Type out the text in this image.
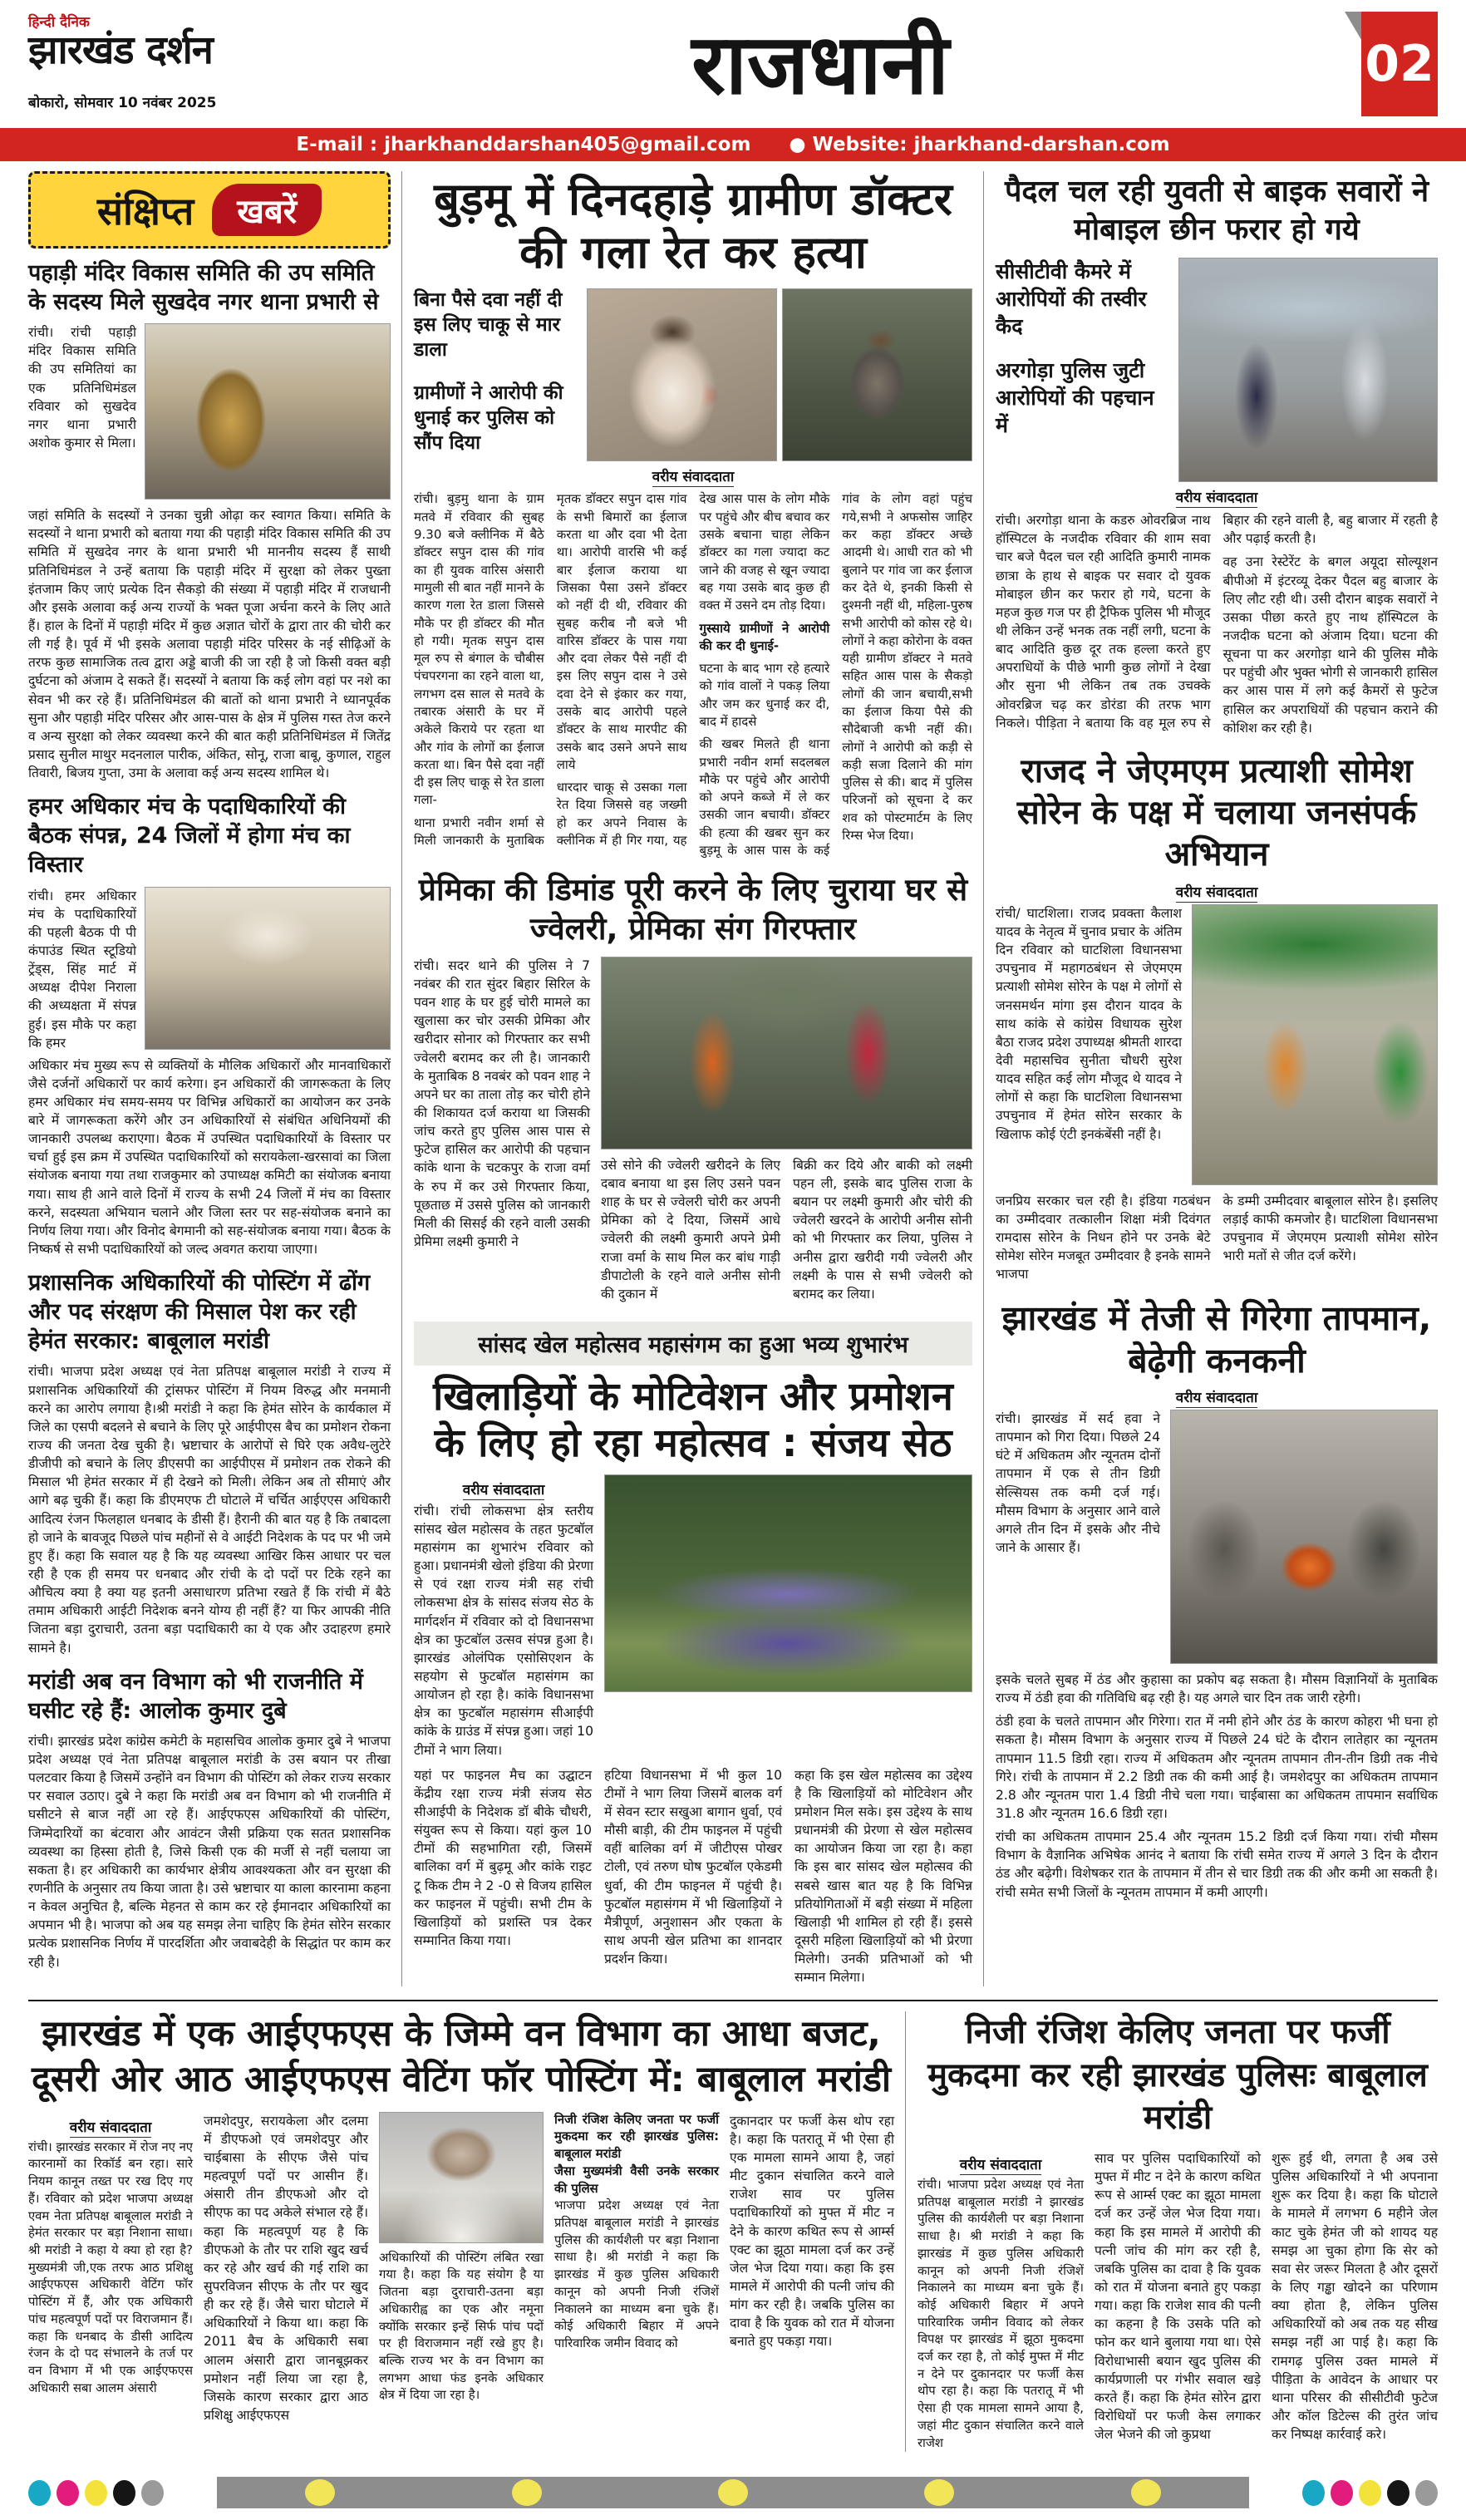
हिन्दी दैनिक
झारखंड दर्शन
बोकारो, सोमवार 10 नवंबर 2025	राजधानी	02
E-mail : jharkhanddarshan405@gmail.com ● Website: jharkhand-darshan.com
संक्षिप्त	खबरें
पहाड़ी मंदिर विकास समिति की उप समिति के सदस्य मिले सुखदेव नगर थाना प्रभारी से
रांची। रांची पहाड़ी मंदिर विकास समिति की उप समितियां का एक प्रतिनिधिमंडल रविवार को सुखदेव नगर थाना प्रभारी अशोक कुमार से मिला।
जहां समिति के सदस्यों ने उनका चुन्नी ओढ़ा कर स्वागत किया। समिति के सदस्यों ने थाना प्रभारी को बताया गया की पहाड़ी मंदिर विकास समिति की उप समिति में सुखदेव नगर के थाना प्रभारी भी माननीय सदस्य हैं साथी प्रतिनिधिमंडल ने उन्हें बताया कि पहाड़ी मंदिर में सुरक्षा को लेकर पुख्ता इंतजाम किए जाएं प्रत्येक दिन सैकड़ो की संख्या में पहाड़ी मंदिर में राजधानी और इसके अलावा कई अन्य राज्यों के भक्त पूजा अर्चना करने के लिए आते हैं। हाल के दिनों में पहाड़ी मंदिर में कुछ अज्ञात चोरों के द्वारा तार की चोरी कर ली गई है। पूर्व में भी इसके अलावा पहाड़ी मंदिर परिसर के नई सीढ़िओं के तरफ कुछ सामाजिक तत्व द्वारा अड्डे बाजी की जा रही है जो किसी वक्त बड़ी दुर्घटना को अंजाम दे सकते हैं। सदस्यों ने बताया कि कई लोग वहां पर नशे का सेवन भी कर रहे हैं। प्रतिनिधिमंडल की बातों को थाना प्रभारी ने ध्यानपूर्वक सुना और पहाड़ी मंदिर परिसर और आस-पास के क्षेत्र में पुलिस गस्त तेज करने व अन्य सुरक्षा को लेकर व्यवस्था करने की बात कही प्रतिनिधिमंडल में जितेंद्र प्रसाद सुनील माथुर मदनलाल पारीक, अंकित, सोनू, राजा बाबू, कुणाल, राहुल तिवारी, बिजय गुप्ता, उमा के अलावा कई अन्य सदस्य शामिल थे।
हमर अधिकार मंच के पदाधिकारियों की बैठक संपन्न, 24 जिलों में होगा मंच का विस्तार
रांची। हमर अधिकार मंच के पदाधिकारियों की पहली बैठक पी पी कंपाउंड स्थित स्टूडियो ट्रेंड्स, सिंह मार्ट में अध्यक्ष दीपेश निराला की अध्यक्षता में संपन्न हुई। इस मौके पर कहा कि हमर
अधिकार मंच मुख्य रूप से व्यक्तियों के मौलिक अधिकारों और मानवाधिकारों जैसे दर्जनों अधिकारों पर कार्य करेगा। इन अधिकारों की जागरूकता के लिए हमर अधिकार मंच समय-समय पर विभिन्न अधिकारों का आयोजन कर उनके बारे में जागरूकता करेंगे और उन अधिकारियों से संबंधित अधिनियमों की जानकारी उपलब्ध कराएगा। बैठक में उपस्थित पदाधिकारियों के विस्तार पर चर्चा हुई इस क्रम में उपस्थित पदाधिकारियों को सरायकेला-खरसावां का जिला संयोजक बनाया गया तथा राजकुमार को उपाध्यक्ष कमिटी का संयोजक बनाया गया। साथ ही आने वाले दिनों में राज्य के सभी 24 जिलों में मंच का विस्तार करने, सदस्यता अभियान चलाने और जिला स्तर पर सह-संयोजक बनाने का निर्णय लिया गया। और विनोद बेगमानी को सह-संयोजक बनाया गया। बैठक के निष्कर्ष से सभी पदाधिकारियों को जल्द अवगत कराया जाएगा।
प्रशासनिक अधिकारियों की पोस्टिंग में ढोंग और पद संरक्षण की मिसाल पेश कर रही हेमंत सरकार: बाबूलाल मरांडी
रांची। भाजपा प्रदेश अध्यक्ष एवं नेता प्रतिपक्ष बाबूलाल मरांडी ने राज्य में प्रशासनिक अधिकारियों की ट्रांसफर पोस्टिंग में नियम विरुद्ध और मनमानी करने का आरोप लगाया है।श्री मरांडी ने कहा कि हेमंत सोरेन के कार्यकाल में जिले का एसपी बदलने से बचाने के लिए पूरे आईपीएस बैच का प्रमोशन रोकना राज्य की जनता देख चुकी है। भ्रष्टाचार के आरोपों से घिरे एक अवैध-लुटेरे डीजीपी को बचाने के लिए डीएसपी का आईपीएस में प्रमोशन तक रोकने की मिसाल भी हेमंत सरकार में ही देखने को मिली। लेकिन अब तो सीमाएं और आगे बढ़ चुकी हैं। कहा कि डीएमएफ टी घोटाले में चर्चित आईएएस अधिकारी आदित्य रंजन फिलहाल धनबाद के डीसी हैं। हैरानी की बात यह है कि तबादला हो जाने के बावजूद पिछले पांच महीनों से वे आईटी निदेशक के पद पर भी जमे हुए हैं। कहा कि सवाल यह है कि यह व्यवस्था आखिर किस आधार पर चल रही है एक ही समय पर धनबाद और रांची के दो पदों पर टिके रहने का औचित्य क्या है क्या यह इतनी असाधारण प्रतिभा रखते हैं कि रांची में बैठे तमाम अधिकारी आईटी निदेशक बनने योग्य ही नहीं हैं? या फिर आपकी नीति जितना बड़ा दुराचारी, उतना बड़ा पदाधिकारी का ये एक और उदाहरण हमारे सामने है।
मरांडी अब वन विभाग को भी राजनीति में घसीट रहे हैं: आलोक कुमार दुबे
रांची। झारखंड प्रदेश कांग्रेस कमेटी के महासचिव आलोक कुमार दुबे ने भाजपा प्रदेश अध्यक्ष एवं नेता प्रतिपक्ष बाबूलाल मरांडी के उस बयान पर तीखा पलटवार किया है जिसमें उन्होंने वन विभाग की पोस्टिंग को लेकर राज्य सरकार पर सवाल उठाए। दुबे ने कहा कि मरांडी अब वन विभाग को भी राजनीति में घसीटने से बाज नहीं आ रहे हैं। आईएफएस अधिकारियों की पोस्टिंग, जिम्मेदारियों का बंटवारा और आवंटन जैसी प्रक्रिया एक सतत प्रशासनिक व्यवस्था का हिस्सा होती है, जिसे किसी एक की मर्जी से नहीं चलाया जा सकता है। हर अधिकारी का कार्यभार क्षेत्रीय आवश्यकता और वन सुरक्षा की रणनीति के अनुसार तय किया जाता है। उसे भ्रष्टाचार या काला कारनामा कहना न केवल अनुचित है, बल्कि मेहनत से काम कर रहे ईमानदार अधिकारियों का अपमान भी है। भाजपा को अब यह समझ लेना चाहिए कि हेमंत सोरेन सरकार प्रत्येक प्रशासनिक निर्णय में पारदर्शिता और जवाबदेही के सिद्धांत पर काम कर रही है।
बुड़मू में दिनदहाड़े ग्रामीण डॉक्टर की गला रेत कर हत्या
बिना पैसे दवा नहीं दी इस लिए चाकू से मार डाला
ग्रामीणों ने आरोपी की धुनाई कर पुलिस को सौंप दिया
वरीय संवाददाता

रांची। बुड़मु थाना के ग्राम मतवे में रविवार की सुबह 9.30 बजे क्लीनिक में बैठे डॉक्टर सपुन दास की गांव का ही युवक वारिस अंसारी मामुली सी बात नहीं मानने के कारण गला रेत डाला जिससे मौके पर ही डॉक्टर की मौत हो गयी। मृतक सपुन दास मूल रुप से बंगाल के चौबीस पंचपरगना का रहने वाला था, लगभग दस साल से मतवे के तबारक अंसारी के घर में अकेले किराये पर रहता था और गांव के लोगों का ईलाज करता था। बिन पैसे दवा नहीं दी इस लिए चाकू से रेत डाला गला-

थाना प्रभारी नवीन शर्मा से मिली जानकारी के मुताबिक मृतक डॉक्टर सपुन दास गांव के सभी बिमारों का ईलाज करता था और दवा भी देता था। आरोपी वारसि भी कई बार ईलाज कराया था जिसका पैसा उसने डॉक्टर को नहीं दी थी, रविवार की सुबह करीब नौ बजे भी वारिस डॉक्टर के पास गया और दवा लेकर पैसे नहीं दी इस लिए सपुन दास ने उसे दवा देने से इंकार कर गया, उसके बाद आरोपी पहले डॉक्टर के साथ मारपीट की उसके बाद उसने अपने साथ लाये

धारदार चाकू से उसका गला रेत दिया जिससे वह जख्मी हो कर अपने निवास के क्लीनिक में ही गिर गया, यह देख आस पास के लोग मौके पर पहुंचे और बीच बचाव कर उसके बचाना चाहा लेकिन डॉक्टर का गला ज्यादा कट जाने की वजह से खून ज्यादा बह गया उसके बाद कुछ ही वक्त में उसने दम तोड़ दिया।

गुस्साये ग्रामीणों ने आरोपी की कर दी धुनाई-

घटना के बाद भाग रहे हत्यारे को गांव वालों ने पकड़ लिया और जम कर धुनाई कर दी, बाद में हादसे

की खबर मिलते ही थाना प्रभारी नवीन शर्मा सदलबल मौके पर पहुंचे और आरोपी को अपने कब्जे में ले कर उसकी जान बचायी। डॉक्टर की हत्या की खबर सुन कर बुड़मू के आस पास के कई गांव के लोग वहां पहुंच गये,सभी ने अफसोस जाहिर कर कहा डॉक्टर अच्छे आदमी थे। आधी रात को भी बुलाने पर गांव जा कर ईलाज कर देते थे, इनकी किसी से दुश्मनी नहीं थी, महिला-पुरुष सभी आरोपी को कोस रहे थे। लोगों ने कहा कोरोना के वक्त यही ग्रामीण डॉक्टर ने मतवे सहित आस पास के सैकड़ो लोगों की जान बचायी,सभी का ईलाज किया पैसे की सौदेबाजी कभी नहीं की। लोगों ने आरोपी को कड़ी से कड़ी सजा दिलाने की मांग पुलिस से की। बाद में पुलिस परिजनों को सूचना दे कर शव को पोस्टमार्टम के लिए रिम्स भेज दिया।

प्रेमिका की डिमांड पूरी करने के लिए चुराया घर से ज्वेलरी, प्रेमिका संग गिरफ्तार
रांची। सदर थाने की पुलिस ने 7 नवंबर की रात सुंदर बिहार सिरिल के पवन शाह के घर हुई चोरी मामले का खुलासा कर चोर उसकी प्रेमिका और खरीदार सोनार को गिरफ्तार कर सभी ज्वेलरी बरामद कर ली है। जानकारी के मुताबिक 8 नवबंर को पवन शाह ने अपने घर का ताला तोड़ कर चोरी होने की शिकायत दर्ज कराया था जिसकी जांच करते हुए पुलिस आस पास से फुटेज हासिल कर आरोपी की पहचान कांके थाना के चटकपुर के राजा वर्मा के रुप में कर उसे गिरफ्तार किया, पूछताछ में उससे पुलिस को जानकारी मिली की सिसई की रहने वाली उसकी प्रेमिमा लक्ष्मी कुमारी ने

उसे सोने की ज्वेलरी खरीदने के लिए दबाव बनाया था इस लिए उसने पवन शाह के घर से ज्वेलरी चोरी कर अपनी प्रेमिका को दे दिया, जिसमें आधे ज्वेलरी की लक्ष्मी कुमारी अपने प्रेमी राजा वर्मा के साथ मिल कर बांध गाड़ी डीपाटोली के रहने वाले अनीस सोनी की दुकान में

बिक्री कर दिये और बाकी को लक्ष्मी पहन ली, इसके बाद पुलिस राजा के बयान पर लक्ष्मी कुमारी और चोरी की ज्वेलरी खरदने के आरोपी अनीस सोनी को भी गिरफ्तार कर लिया, पुलिस ने अनीस द्वारा खरीदी गयी ज्वेलरी और लक्ष्मी के पास से सभी ज्वेलरी को बरामद कर लिया।

सांसद खेल महोत्सव महासंगम का हुआ भव्य शुभारंभ
खिलाड़ियों के मोटिवेशन और प्रमोशन के लिए हो रहा महोत्सव : संजय सेठ
वरीय संवाददाता
रांची। रांची लोकसभा क्षेत्र स्तरीय सांसद खेल महोत्सव के तहत फुटबॉल महासंगम का शुभारंभ रविवार को हुआ। प्रधानमंत्री खेलो इंडिया की प्रेरणा से एवं रक्षा राज्य मंत्री सह रांची लोकसभा क्षेत्र के सांसद संजय सेठ के मार्गदर्शन में रविवार को दो विधानसभा क्षेत्र का फुटबॉल उत्सव संपन्न हुआ है। झारखंड ओलंपिक एसोसिएशन के सहयोग से फुटबॉल महासंगम का आयोजन हो रहा है। कांके विधानसभा क्षेत्र का फुटबॉल महासंगम सीआईपी कांके के ग्राउंड में संपन्न हुआ। जहां 10 टीमों ने भाग लिया।

यहां पर फाइनल मैच का उद्घाटन केंद्रीय रक्षा राज्य मंत्री संजय सेठ सीआईपी के निदेशक डॉ बीके चौधरी, संयुक्त रूप से किया। यहां कुल 10 टीमों की सहभागिता रही, जिसमें बालिका वर्ग में बुढ़मू और कांके राइट टू किक टीम ने 2 -0 से विजय हासिल कर फाइनल में पहुंची। सभी टीम के खिलाड़ियों को प्रशस्ति पत्र देकर सम्मानित किया गया।

हटिया विधानसभा में भी कुल 10 टीमों ने भाग लिया जिसमें बालक वर्ग में सेवन स्टार सखुआ बागान धुर्वा, एवं मौसी बाड़ी, की टीम फाइनल में पहुंची वहीं बालिका वर्ग में जीटीएस पोखर टोली, एवं तरुण घोष फुटबॉल एकेडमी धुर्वा, की टीम फाइनल में पहुंची है। फुटबॉल महासंगम में भी खिलाड़ियों ने मैत्रीपूर्ण, अनुशासन और एकता के साथ अपनी खेल प्रतिभा का शानदार प्रदर्शन किया।

कहा कि इस खेल महोत्सव का उद्देश्य है कि खिलाड़ियों को मोटिवेशन और प्रमोशन मिल सके। इस उद्देश्य के साथ प्रधानमंत्री की प्रेरणा से खेल महोत्सव का आयोजन किया जा रहा है। कहा कि इस बार सांसद खेल महोत्सव की सबसे खास बात यह है कि विभिन्न प्रतियोगिताओं में बड़ी संख्या में महिला खिलाड़ी भी शामिल हो रही हैं। इससे दूसरी महिला खिलाड़ियों को भी प्रेरणा मिलेगी। उनकी प्रतिभाओं को भी सम्मान मिलेगा।

पैदल चल रही युवती से बाइक सवारों ने मोबाइल छीन फरार हो गये
सीसीटीवी कैमरे में आरोपियों की तस्वीर कैद
अरगोड़ा पुलिस जुटी आरोपियों की पहचान में
वरीय संवाददाता

रांची। अरगोड़ा थाना के कडरु ओवरब्रिज नाथ हॉस्पिटल के नजदीक रविवार की शाम सवा चार बजे पैदल चल रही आदिति कुमारी नामक छात्रा के हाथ से बाइक पर सवार दो युवक मोबाइल छीन कर फरार हो गये, घटना के महज कुछ गज पर ही ट्रैफिक पुलिस भी मौजूद थी लेकिन उन्हें भनक तक नहीं लगी, घटना के बाद आदिति कुछ दूर तक हल्ला करते हुए अपराधियों के पीछे भागी कुछ लोगों ने देखा और सुना भी लेकिन तब तक उचक्के ओवरब्रिज चढ़ कर डोरंडा की तरफ भाग निकले। पीड़िता ने बताया कि वह मूल रुप से बिहार की रहने वाली है, बहु बाजार में रहती है और पढ़ाई करती है।

वह उना रेस्टेरेंट के बगल अयूदा सोल्यूशन बीपीओ में इंटरव्यू देकर पैदल बहु बाजार के लिए लौट रही थी। उसी दौरान बाइक सवारों ने उसका पीछा करते हुए नाथ हॉस्पिटल के नजदीक घटना को अंजाम दिया। घटना की सूचना पा कर अरगोड़ा थाने की पुलिस मौके पर पहुंची और भुक्त भोगी से जानकारी हासिल कर आस पास में लगे कई कैमरों से फुटेज हासिल कर अपराधियों की पहचान कराने की कोशिश कर रही है।

राजद ने जेएमएम प्रत्याशी सोमेश सोरेन के पक्ष में चलाया जनसंपर्क अभियान
वरीय संवाददाता
रांची/ घाटशिला। राजद प्रवक्ता कैलाश यादव के नेतृत्व में चुनाव प्रचार के अंतिम दिन रविवार को घाटशिला विधानसभा उपचुनाव में महागठबंधन से जेएमएम प्रत्याशी सोमेश सोरेन के पक्ष मे लोगों से जनसमर्थन मांगा इस दौरान यादव के साथ कांके से कांग्रेस विधायक सुरेश बैठा राजद प्रदेश उपाध्यक्ष श्रीमती शारदा देवी महासचिव सुनीता चौधरी सुरेश यादव सहित कई लोग मौजूद थे यादव ने लोगों से कहा कि घाटशिला विधानसभा उपचुनाव में हेमंत सोरेन सरकार के खिलाफ कोई एंटी इनकंबेंसी नहीं है।

जनप्रिय सरकार चल रही है। इंडिया गठबंधन का उम्मीदवार तत्कालीन शिक्षा मंत्री दिवंगत रामदास सोरेन के निधन होने पर उनके बेटे सोमेश सोरेन मजबूत उम्मीदवार है इनके सामने भाजपा

के डम्मी उम्मीदवार बाबूलाल सोरेन है। इसलिए लड़ाई काफी कमजोर है। घाटशिला विधानसभा उपचुनाव में जेएमएम प्रत्याशी सोमेश सोरेन भारी मतों से जीत दर्ज करेंगे।

झारखंड में तेजी से गिरेगा तापमान, बेढ़ेगी कनकनी
वरीय संवाददाता
रांची। झारखंड में सर्द हवा ने तापमान को गिरा दिया। पिछले 24 घंटे में अधिकतम और न्यूनतम दोनों तापमान में एक से तीन डिग्री सेल्सियस तक कमी दर्ज गई। मौसम विभाग के अनुसार आने वाले अगले तीन दिन में इसके और नीचे जाने के आसार हैं।

इसके चलते सुबह में ठंड और कुहासा का प्रकोप बढ़ सकता है। मौसम विज्ञानियों के मुताबिक राज्य में ठंडी हवा की गतिविधि बढ़ रही है। यह अगले चार दिन तक जारी रहेगी।

ठंडी हवा के चलते तापमान और गिरेगा। रात में नमी होने और ठंड के कारण कोहरा भी घना हो सकता है। मौसम विभाग के अनुसार राज्य में पिछले 24 घंटे के दौरान लातेहार का न्यूनतम तापमान 11.5 डिग्री रहा। राज्य में अधिकतम और न्यूनतम तापमान तीन-तीन डिग्री तक नीचे गिरे। रांची के तापमान में 2.2 डिग्री तक की कमी आई है। जमशेदपुर का अधिकतम तापमान 2.8 और न्यूनतम पारा 1.4 डिग्री नीचे चला गया। चाईबासा का अधिकतम तापमान सर्वाधिक 31.8 और न्यूनतम 16.6 डिग्री रहा।

रांची का अधिकतम तापमान 25.4 और न्यूनतम 15.2 डिग्री दर्ज किया गया। रांची मौसम विभाग के वैज्ञानिक अभिषेक आनंद ने बताया कि रांची समेत राज्य में अगले 3 दिन के दौरान ठंड और बढ़ेगी। विशेषकर रात के तापमान में तीन से चार डिग्री तक की और कमी आ सकती है। रांची समेत सभी जिलों के न्यूनतम तापमान में कमी आएगी।

झारखंड में एक आईएफएस के जिम्मे वन विभाग का आधा बजट, दूसरी ओर आठ आईएफएस वेटिंग फॉर पोस्टिंग में: बाबूलाल मरांडी
वरीय संवाददाता
रांची। झारखंड सरकार में रोज नए नए कारनामों का रिकॉर्ड बन रहा। सारे नियम कानून तख्त पर रख दिए गए हैं। रविवार को प्रदेश भाजपा अध्यक्ष एवम नेता प्रतिपक्ष बाबूलाल मरांडी ने हेमंत सरकार पर बड़ा निशाना साधा। श्री मरांडी ने कहा ये क्या हो रहा है? मुख्यमंत्री जी,एक तरफ आठ प्रशिक्षु आईएफएस अधिकारी वेटिंग फॉर पोस्टिंग में हैं, और एक अधिकारी पांच महत्वपूर्ण पदों पर विराजमान हैं। कहा कि धनबाद के डीसी आदित्य रंजन के दो पद संभालने के तर्ज पर वन विभाग में भी एक आईएफएस अधिकारी सबा आलम अंसारी
जमशेदपुर, सरायकेला और दलमा में डीएफओ एवं जमशेदपुर और चाईबासा के सीएफ जैसे पांच महत्वपूर्ण पदों पर आसीन हैं। अंसारी तीन डीएफओ और दो सीएफ का पद अकेले संभाल रहे हैं। कहा कि महत्वपूर्ण यह है कि डीएफओ के तौर पर राशि खुद खर्च कर रहे और खर्च की गई राशि का सुपरविजन सीएफ के तौर पर खुद ही कर रहे हैं। जैसे चारा घोटाले में अधिकारियों ने किया था। कहा कि 2011 बैच के अधिकारी सबा आलम अंसारी द्वारा जानबूझकर प्रमोशन नहीं लिया जा रहा है, जिसके कारण सरकार द्वारा आठ प्रशिक्षु आईएफएस
अधिकारियों की पोस्टिंग लंबित रखा गया है। कहा कि यह संयोग है या जितना बड़ा दुराचारी-उतना बड़ा अधिकारीह्व का एक और नमूना क्योंकि सरकार इन्हें सिर्फ पांच पदों पर ही विराजमान नहीं रखे हुए है। बल्कि राज्य भर के वन विभाग का लगभग आधा फंड इनके अधिकार क्षेत्र में दिया जा रहा है।
निजी रंजिश केलिए जनता पर फर्जी मुकदमा कर रही झारखंड पुलिस: बाबूलाल मरांडी
जैसा मुख्यमंत्री वैसी उनके सरकार की पुलिस
भाजपा प्रदेश अध्यक्ष एवं नेता प्रतिपक्ष बाबूलाल मरांडी ने झारखंड पुलिस की कार्यशैली पर बड़ा निशाना साधा है। श्री मरांडी ने कहा कि झारखंड में कुछ पुलिस अधिकारी कानून को अपनी निजी रंजिशें निकालने का माध्यम बना चुके हैं। कोई अधिकारी बिहार में अपने पारिवारिक जमीन विवाद को
दुकानदार पर फर्जी केस थोप रहा है। कहा कि पतरातू में भी ऐसा ही एक मामला सामने आया है, जहां मीट दुकान संचालित करने वाले राजेश साव पर पुलिस पदाधिकारियों को मुफ्त में मीट न देने के कारण कथित रूप से आर्म्स एक्ट का झूठा मामला दर्ज कर उन्हें जेल भेज दिया गया। कहा कि इस मामले में आरोपी की पत्नी जांच की मांग कर रही है। जबकि पुलिस का दावा है कि युवक को रात में योजना बनाते हुए पकड़ा गया।
निजी रंजिश केलिए जनता पर फर्जी मुकदमा कर रही झारखंड पुलिसः बाबूलाल मरांडी
वरीय संवाददाता
रांची। भाजपा प्रदेश अध्यक्ष एवं नेता प्रतिपक्ष बाबूलाल मरांडी ने झारखंड पुलिस की कार्यशैली पर बड़ा निशाना साधा है। श्री मरांडी ने कहा कि झारखंड में कुछ पुलिस अधिकारी कानून को अपनी निजी रंजिशें निकालने का माध्यम बना चुके हैं। कोई अधिकारी बिहार में अपने पारिवारिक जमीन विवाद को लेकर विपक्ष पर झारखंड में झूठा मुकदमा दर्ज कर रहा है, तो कोई मुफ्त में मीट न देने पर दुकानदार पर फर्जी केस थोप रहा है। कहा कि पतरातू में भी ऐसा ही एक मामला सामने आया है, जहां मीट दुकान संचालित करने वाले राजेश
साव पर पुलिस पदाधिकारियों को मुफ्त में मीट न देने के कारण कथित रूप से आर्म्स एक्ट का झूठा मामला दर्ज कर उन्हें जेल भेज दिया गया। कहा कि इस मामले में आरोपी की पत्नी जांच की मांग कर रही है, जबकि पुलिस का दावा है कि युवक को रात में योजना बनाते हुए पकड़ा गया। कहा कि राजेश साव की पत्नी का कहना है कि उसके पति को फोन कर थाने बुलाया गया था। ऐसे विरोधाभासी बयान खुद पुलिस की कार्यप्रणाली पर गंभीर सवाल खड़े करते हैं। कहा कि हेमंत सोरेन द्वारा विरोधियों पर फजी केस लगाकर जेल भेजने की जो कुप्रथा
शुरू हुई थी, लगता है अब उसे पुलिस अधिकारियों ने भी अपनाना शुरू कर दिया है। कहा कि घोटाले के मामले में लगभग 6 महीने जेल काट चुके हेमंत जी को शायद यह समझ आ चुका होगा कि सेर को सवा सेर जरूर मिलता है और दूसरों के लिए गड्ढा खोदने का परिणाम क्या होता है, लेकिन पुलिस अधिकारियों को अब तक यह सीख समझ नहीं आ पाई है। कहा कि रामगढ़ पुलिस उक्त मामले में पीड़िता के आवेदन के आधार पर थाना परिसर की सीसीटीवी फुटेज और कॉल डिटेल्स की तुरंत जांच कर निष्पक्ष कार्रवाई करे।
